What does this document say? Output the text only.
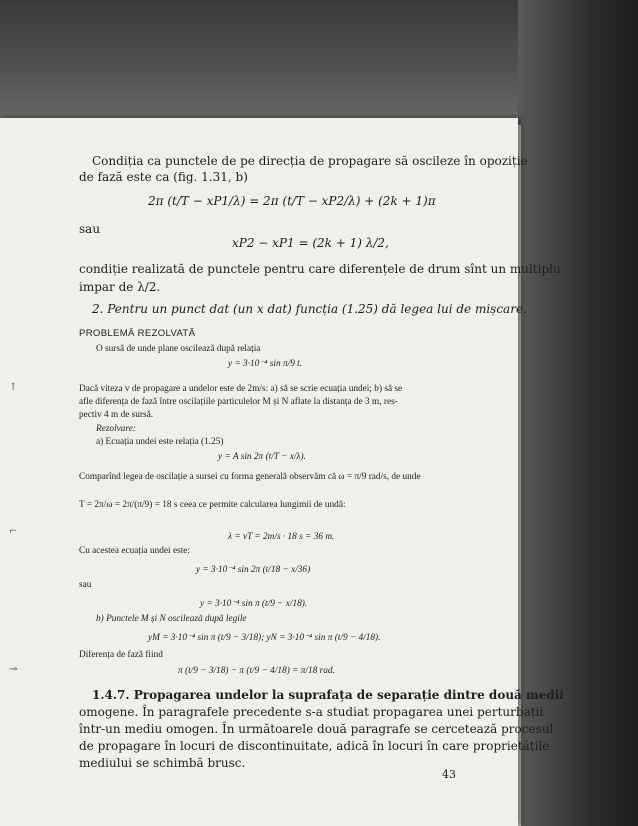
Condiția ca punctele de pe direcția de propagare să oscileze în opoziție
de fază este ca (fig. 1.31, b)
2π (t/T − xP1/λ) = 2π (t/T − xP2/λ) + (2k + 1)π
sau
xP2 − xP1 = (2k + 1) λ/2,
condiție realizată de punctele pentru care diferențele de drum sînt un multiplu
impar de λ/2.
2. Pentru un punct dat (un x dat) funcția (1.25) dă legea lui de mișcare.
PROBLEMĂ REZOLVATĂ
O sursă de unde plane oscilează după relația
y = 3·10⁻⁴ sin π/9 t.
Dacă viteza v de propagare a undelor este de 2m/s: a) să se scrie ecuația undei; b) să se
afle diferența de fază între oscilațiile particulelor M și N aflate la distanța de 3 m, res-
pectiv 4 m de sursă.
Rezolvare:
a) Ecuația undei este relația (1.25)
y = A sin 2π (t/T − x/λ).
Comparînd legea de oscilație a sursei cu forma generală observăm că ω = π/9 rad/s, de unde
T = 2π/ω = 2π/(π/9) = 18 s ceea ce permite calcularea lungimii de undă:
λ = vT = 2m/s · 18 s = 36 m.
Cu acestea ecuația undei este:
y = 3·10⁻⁴ sin 2π (t/18 − x/36)
sau
y = 3·10⁻⁴ sin π (t/9 − x/18).
b) Punctele M și N oscilează după legile
yM = 3·10⁻⁴ sin π (t/9 − 3/18); yN = 3·10⁻⁴ sin π (t/9 − 4/18).
Diferența de fază fiind
π (t/9 − 3/18) − π (t/9 − 4/18) = π/18 rad.
1.4.7. Propagarea undelor la suprafața de separație dintre două medii
omogene. În paragrafele precedente s-a studiat propagarea unei perturbații
într-un mediu omogen. În următoarele două paragrafe se cercetează procesul
de propagare în locuri de discontinuitate, adică în locuri în care proprietățile
mediului se schimbă brusc.
43
↑
⌐
⊸
